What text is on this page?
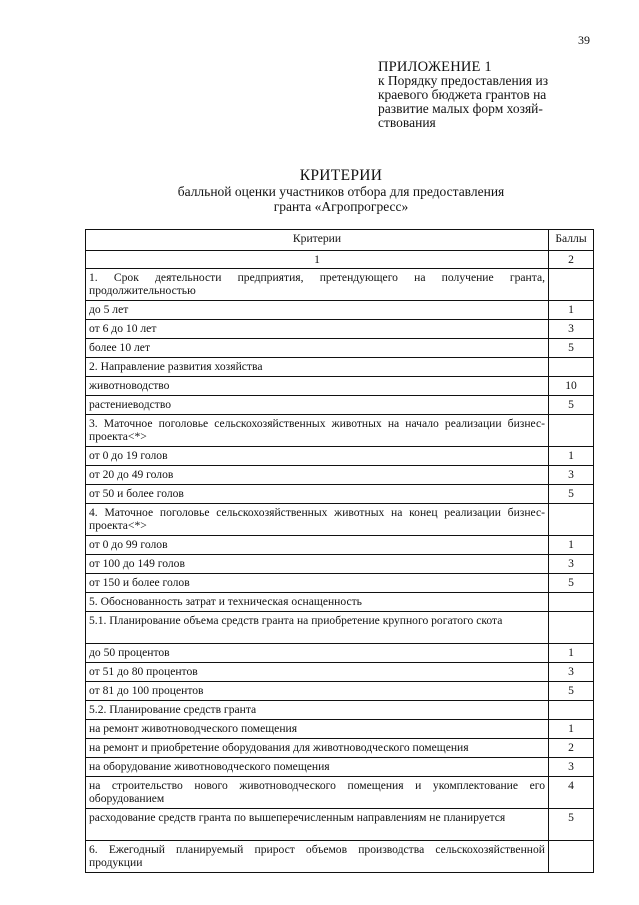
39
ПРИЛОЖЕНИЕ 1
к Порядку предоставления из
краевого бюджета грантов на
развитие малых форм хозяй-
ствования
КРИТЕРИИ
балльной оценки участников отбора для предоставления
гранта «Агропрогресс»
Критерии	Баллы
1	2
1. Срок деятельности предприятия, претендующего на получение гранта, продолжительностью	
до 5 лет	1
от 6 до 10 лет	3
более 10 лет	5
2. Направление развития хозяйства	
животноводство	10
растениеводство	5
3. Маточное поголовье сельскохозяйственных животных на начало реализации бизнес-проекта<*>	
от 0 до 19 голов	1
от 20 до 49 голов	3
от 50 и более голов	5
4. Маточное поголовье сельскохозяйственных животных на конец реализации бизнес-проекта<*>	
от 0 до 99 голов	1
от 100 до 149 голов	3
от 150 и более голов	5
5. Обоснованность затрат и техническая оснащенность	
5.1. Планирование объема средств гранта на приобретение крупного рогатого скота	
до 50 процентов	1
от 51 до 80 процентов	3
от 81 до 100 процентов	5
5.2. Планирование средств гранта	
на ремонт животноводческого помещения	1
на ремонт и приобретение оборудования для животноводческого помещения	2
на оборудование животноводческого помещения	3
на строительство нового животноводческого помещения и укомплектование его оборудованием	4
расходование средств гранта по вышеперечисленным направлениям не планируется	5
6. Ежегодный планируемый прирост объемов производства сельскохозяйственной продукции	
